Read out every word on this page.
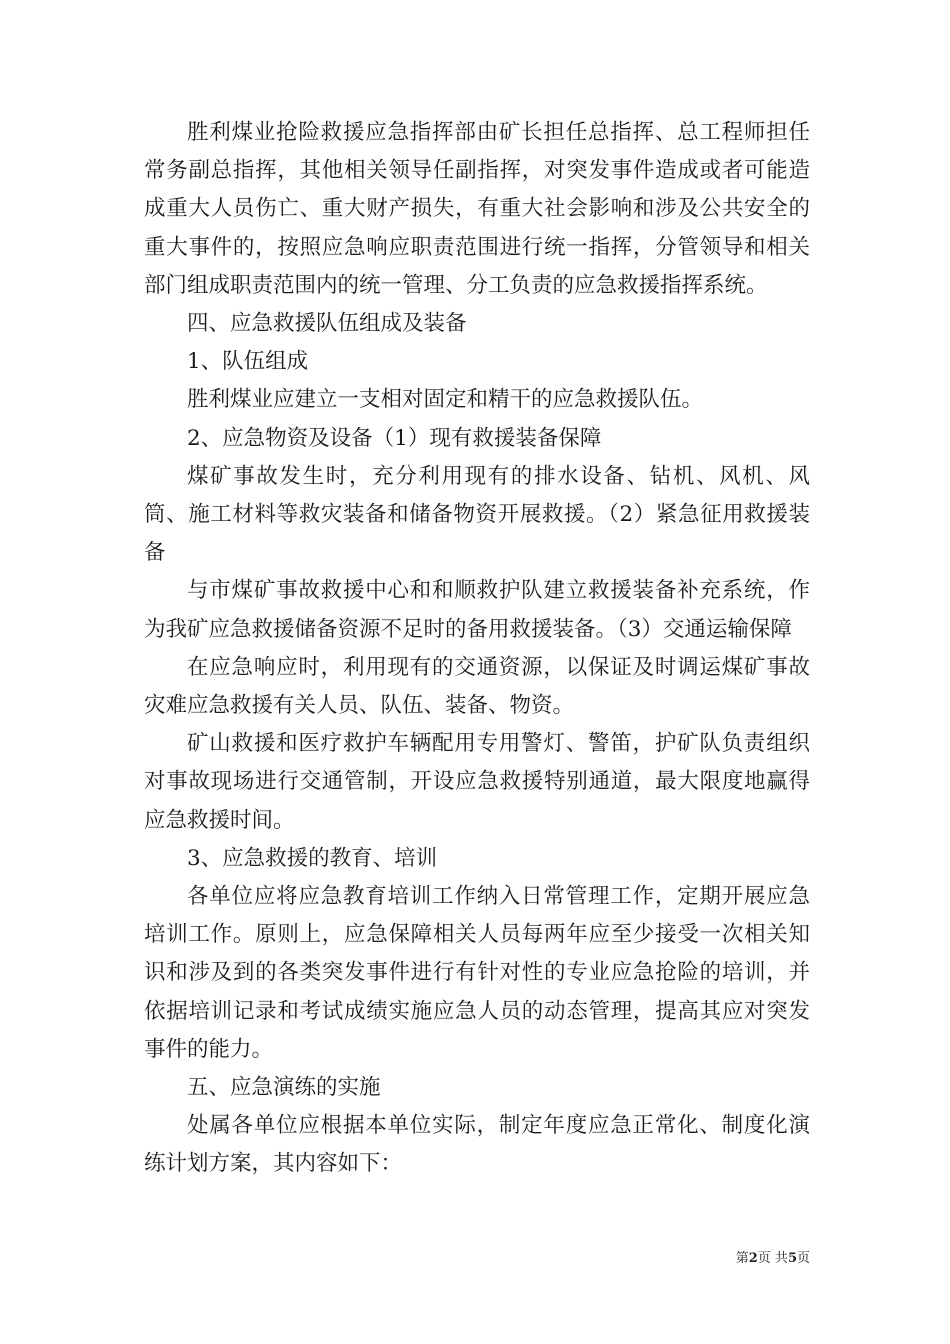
胜利煤业抢险救援应急指挥部由矿长担任总指挥、总工程师担任常务副总指挥，其他相关领导任副指挥，对突发事件造成或者可能造成重大人员伤亡、重大财产损失，有重大社会影响和涉及公共安全的重大事件的，按照应急响应职责范围进行统一指挥，分管领导和相关部门组成职责范围内的统一管理、分工负责的应急救援指挥系统。

四、应急救援队伍组成及装备

1、队伍组成

胜利煤业应建立一支相对固定和精干的应急救援队伍。

2、应急物资及设备（1）现有救援装备保障

煤矿事故发生时，充分利用现有的排水设备、钻机、风机、风筒、施工材料等救灾装备和储备物资开展救援。（2）紧急征用救援装备

与市煤矿事故救援中心和和顺救护队建立救援装备补充系统，作为我矿应急救援储备资源不足时的备用救援装备。（3）交通运输保障

在应急响应时，利用现有的交通资源，以保证及时调运煤矿事故灾难应急救援有关人员、队伍、装备、物资。

矿山救援和医疗救护车辆配用专用警灯、警笛，护矿队负责组织对事故现场进行交通管制，开设应急救援特别通道，最大限度地赢得应急救援时间。

3、应急救援的教育、培训

各单位应将应急教育培训工作纳入日常管理工作，定期开展应急培训工作。原则上，应急保障相关人员每两年应至少接受一次相关知识和涉及到的各类突发事件进行有针对性的专业应急抢险的培训，并依据培训记录和考试成绩实施应急人员的动态管理，提高其应对突发事件的能力。

五、应急演练的实施

处属各单位应根据本单位实际，制定年度应急正常化、制度化演练计划方案，其内容如下：

第2页 共5页
